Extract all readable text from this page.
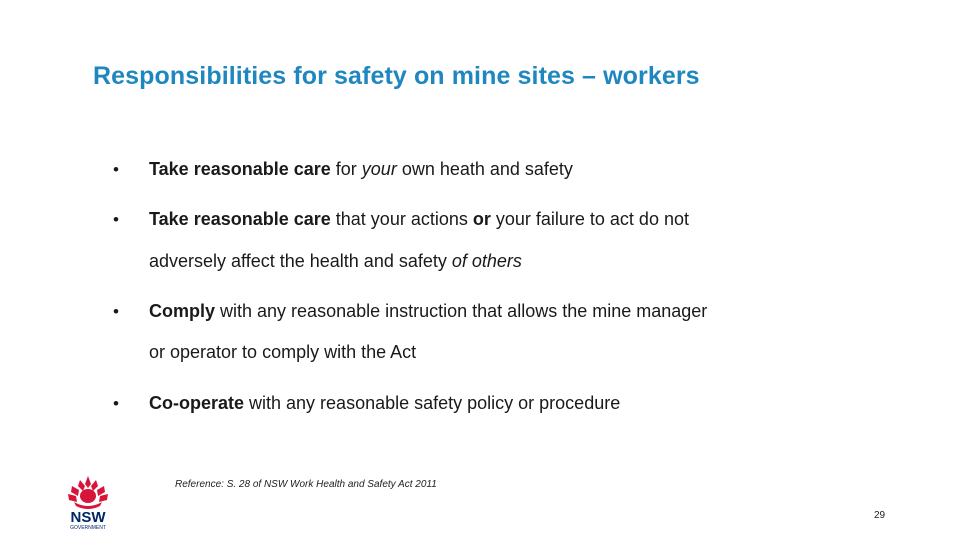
Responsibilities for safety on mine sites – workers
• Take reasonable care for your own heath and safety
• Take reasonable care that your actions or your failure to act do not
adversely affect the health and safety of others
• Comply with any reasonable instruction that allows the mine manager
or operator to comply with the Act
• Co-operate with any reasonable safety policy or procedure
Reference: S. 28 of NSW Work Health and Safety Act 2011
NSW
GOVERNMENT
29
